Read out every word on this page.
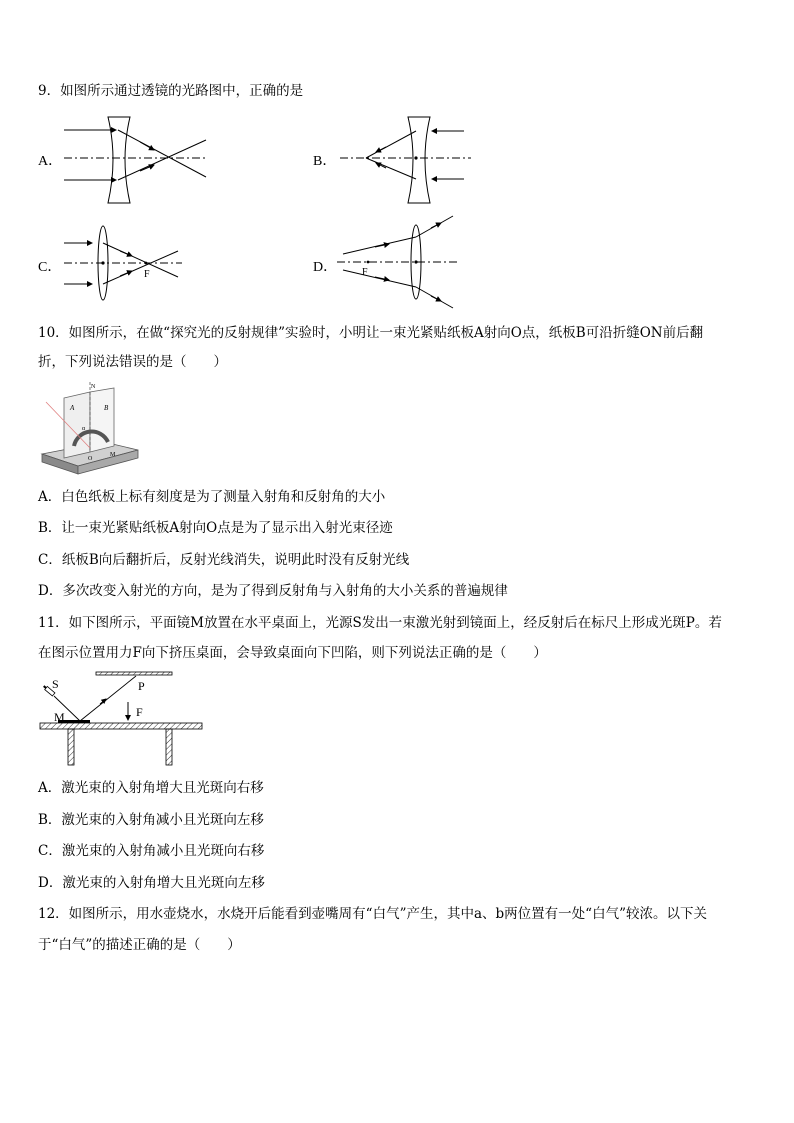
9．如图所示通过透镜的光路图中，正确的是
A．	B．
C．	F	D． F
10．如图所示，在做“探究光的反射规律”实验时，小明让一束光紧贴纸板A射向O点，纸板B可沿折缝ON前后翻
折，下列说法错误的是（　　）
N
A	B
α
O
M
A．白色纸板上标有刻度是为了测量入射角和反射角的大小
B．让一束光紧贴纸板A射向O点是为了显示出入射光束径迹
C．纸板B向后翻折后，反射光线消失，说明此时没有反射光线
D．多次改变入射光的方向，是为了得到反射角与入射角的大小关系的普遍规律
11．如下图所示，平面镜M放置在水平桌面上，光源S发出一束激光射到镜面上，经反射后在标尺上形成光斑P。若
在图示位置用力F向下挤压桌面，会导致桌面向下凹陷，则下列说法正确的是（　　）
S	P
M	F
A．激光束的入射角增大且光斑向右移
B．激光束的入射角减小且光斑向左移
C．激光束的入射角减小且光斑向右移
D．激光束的入射角增大且光斑向左移
12．如图所示，用水壶烧水，水烧开后能看到壶嘴周有“白气”产生，其中a、b两位置有一处“白气”较浓。以下关
于“白气”的描述正确的是（　　）
